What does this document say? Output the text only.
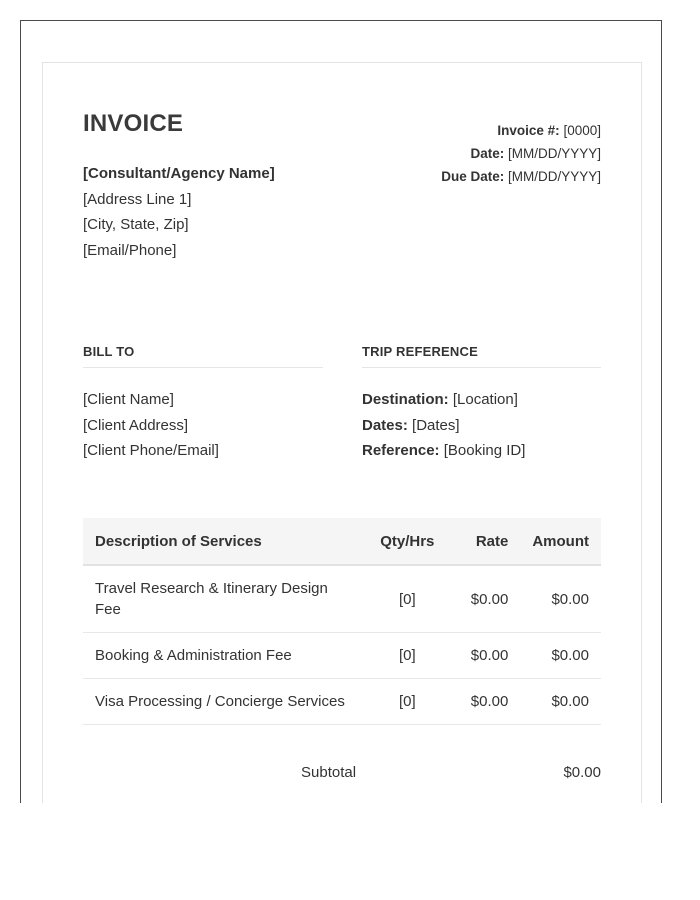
INVOICE
[Consultant/Agency Name]
[Address Line 1]
[City, State, Zip]
[Email/Phone]
Invoice #: [0000]
Date: [MM/DD/YYYY]
Due Date: [MM/DD/YYYY]
BILL TO
[Client Name]
[Client Address]
[Client Phone/Email]
TRIP REFERENCE
Destination: [Location]
Dates: [Dates]
Reference: [Booking ID]
Description of Services	Qty/Hrs	Rate	Amount

Travel Research & Itinerary Design Fee	[0]	$0.00	$0.00

Booking & Administration Fee	[0]	$0.00	$0.00

Visa Processing / Concierge Services	[0]	$0.00	$0.00
Subtotal	$0.00
